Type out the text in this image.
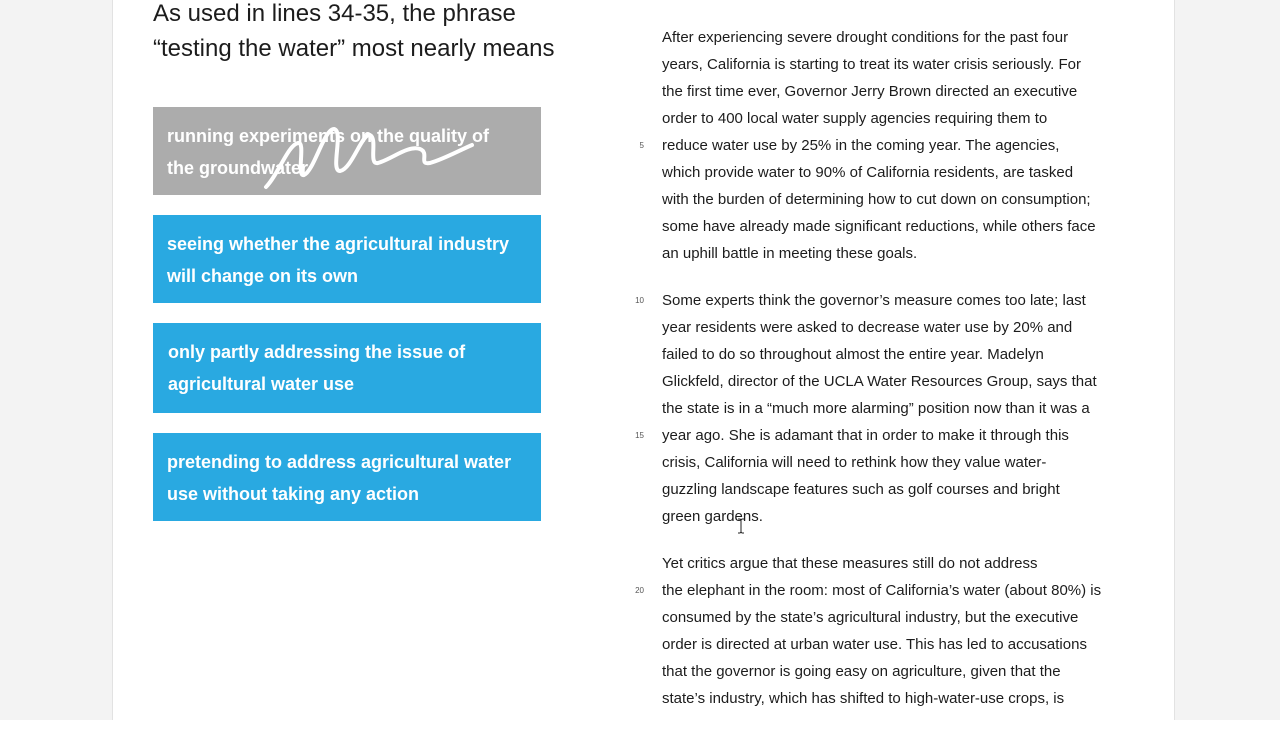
As used in lines 34-35, the phrase
“testing the water” most nearly means
running experiments on the quality of
the groundwater
seeing whether the agricultural industry
will change on its own
only partly addressing the issue of
agricultural water use
pretending to address agricultural water
use without taking any action
After experiencing severe drought conditions for the past four
years, California is starting to treat its water crisis seriously. For
the first time ever, Governor Jerry Brown directed an executive
order to 400 local water supply agencies requiring them to
5 reduce water use by 25% in the coming year. The agencies,
which provide water to 90% of California residents, are tasked
with the burden of determining how to cut down on consumption;
some have already made significant reductions, while others face
an uphill battle in meeting these goals.
10 Some experts think the governor’s measure comes too late; last
year residents were asked to decrease water use by 20% and
failed to do so throughout almost the entire year. Madelyn
Glickfeld, director of the UCLA Water Resources Group, says that
the state is in a “much more alarming” position now than it was a
15 year ago. She is adamant that in order to make it through this
crisis, California will need to rethink how they value water-
guzzling landscape features such as golf courses and bright
green gardens.
Yet critics argue that these measures still do not address
20 the elephant in the room: most of California’s water (about 80%) is
consumed by the state’s agricultural industry, but the executive
order is directed at urban water use. This has led to accusations
that the governor is going easy on agriculture, given that the
state’s industry, which has shifted to high-water-use crops, is
